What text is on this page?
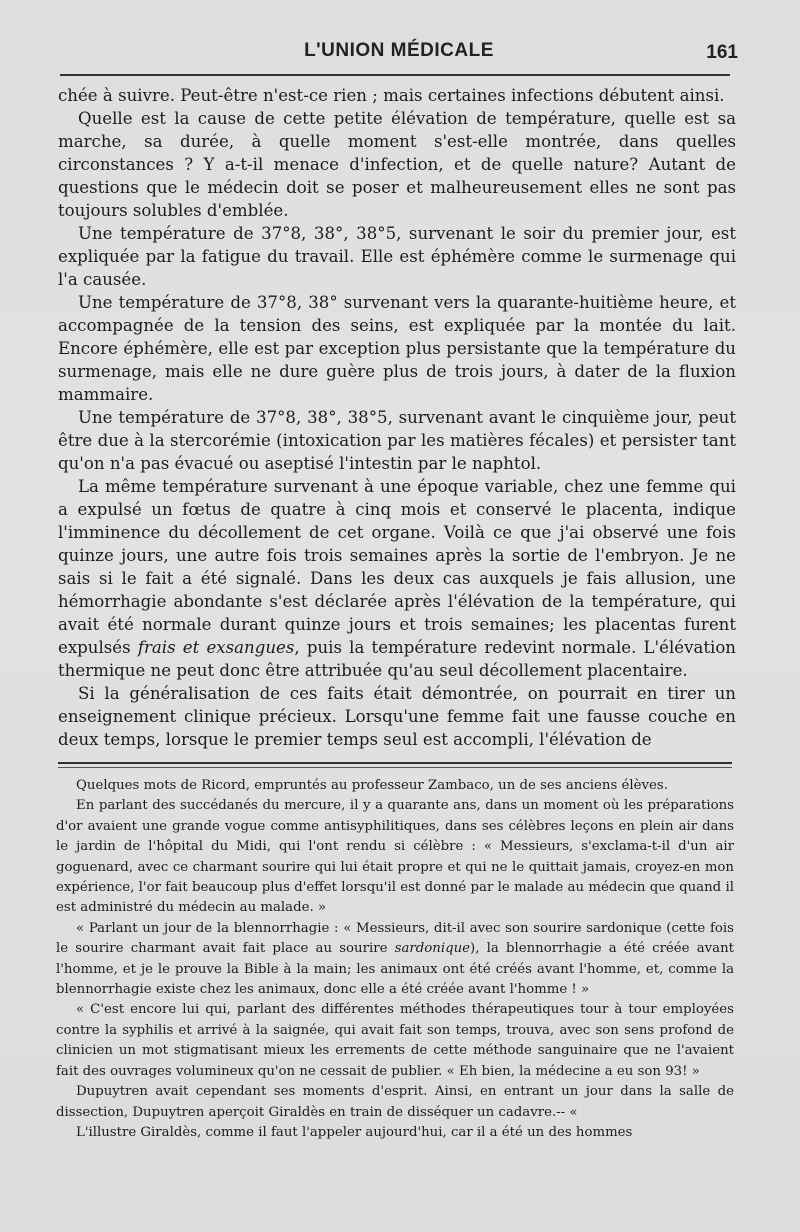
L'UNION MÉDICALE	161

chée à suivre. Peut-être n'est-ce rien ; mais certaines infections débutent ainsi.

Quelle est la cause de cette petite élévation de température, quelle est sa marche, sa durée, à quelle moment s'est-elle montrée, dans quelles circonstances ? Y a-t-il menace d'infection, et de quelle nature? Autant de questions que le médecin doit se poser et malheureusement elles ne sont pas toujours solubles d'emblée.

Une température de 37°8, 38°, 38°5, survenant le soir du premier jour, est expliquée par la fatigue du travail. Elle est éphémère comme le surmenage qui l'a causée.

Une température de 37°8, 38° survenant vers la quarante-huitième heure, et accompagnée de la tension des seins, est expliquée par la montée du lait. Encore éphémère, elle est par exception plus persistante que la température du surmenage, mais elle ne dure guère plus de trois jours, à dater de la fluxion mammaire.

Une température de 37°8, 38°, 38°5, survenant avant le cinquième jour, peut être due à la stercorémie (intoxication par les matières fécales) et persister tant qu'on n'a pas évacué ou aseptisé l'intestin par le naphtol.

La même température survenant à une époque variable, chez une femme qui a expulsé un fœtus de quatre à cinq mois et conservé le placenta, indique l'imminence du décollement de cet organe. Voilà ce que j'ai observé une fois quinze jours, une autre fois trois semaines après la sortie de l'embryon. Je ne sais si le fait a été signalé. Dans les deux cas auxquels je fais allusion, une hémorrhagie abondante s'est déclarée après l'élévation de la température, qui avait été normale durant quinze jours et trois semaines; les placentas furent expulsés frais et exsangues, puis la température redevint normale. L'élévation thermique ne peut donc être attribuée qu'au seul décollement placentaire.

Si la généralisation de ces faits était démontrée, on pourrait en tirer un enseignement clinique précieux. Lorsqu'une femme fait une fausse couche en deux temps, lorsque le premier temps seul est accompli, l'élévation de

Quelques mots de Ricord, empruntés au professeur Zambaco, un de ses anciens élèves.

En parlant des succédanés du mercure, il y a quarante ans, dans un moment où les préparations d'or avaient une grande vogue comme antisyphilitiques, dans ses célèbres leçons en plein air dans le jardin de l'hôpital du Midi, qui l'ont rendu si célèbre : « Messieurs, s'exclama-t-il d'un air goguenard, avec ce charmant sourire qui lui était propre et qui ne le quittait jamais, croyez-en mon expérience, l'or fait beaucoup plus d'effet lorsqu'il est donné par le malade au médecin que quand il est administré du médecin au malade. »

« Parlant un jour de la blennorrhagie : « Messieurs, dit-il avec son sourire sardonique (cette fois le sourire charmant avait fait place au sourire sardonique), la blennorrhagie a été créée avant l'homme, et je le prouve la Bible à la main; les animaux ont été créés avant l'homme, et, comme la blennorrhagie existe chez les animaux, donc elle a été créée avant l'homme ! »

« C'est encore lui qui, parlant des différentes méthodes thérapeutiques tour à tour employées contre la syphilis et arrivé à la saignée, qui avait fait son temps, trouva, avec son sens profond de clinicien un mot stigmatisant mieux les errements de cette méthode sanguinaire que ne l'avaient fait des ouvrages volumineux qu'on ne cessait de publier. « Eh bien, la médecine a eu son 93! »

Dupuytren avait cependant ses moments d'esprit. Ainsi, en entrant un jour dans la salle de dissection, Dupuytren aperçoit Giraldès en train de disséquer un cadavre.-- «

L'illustre Giraldès, comme il faut l'appeler aujourd'hui, car il a été un des hommes
